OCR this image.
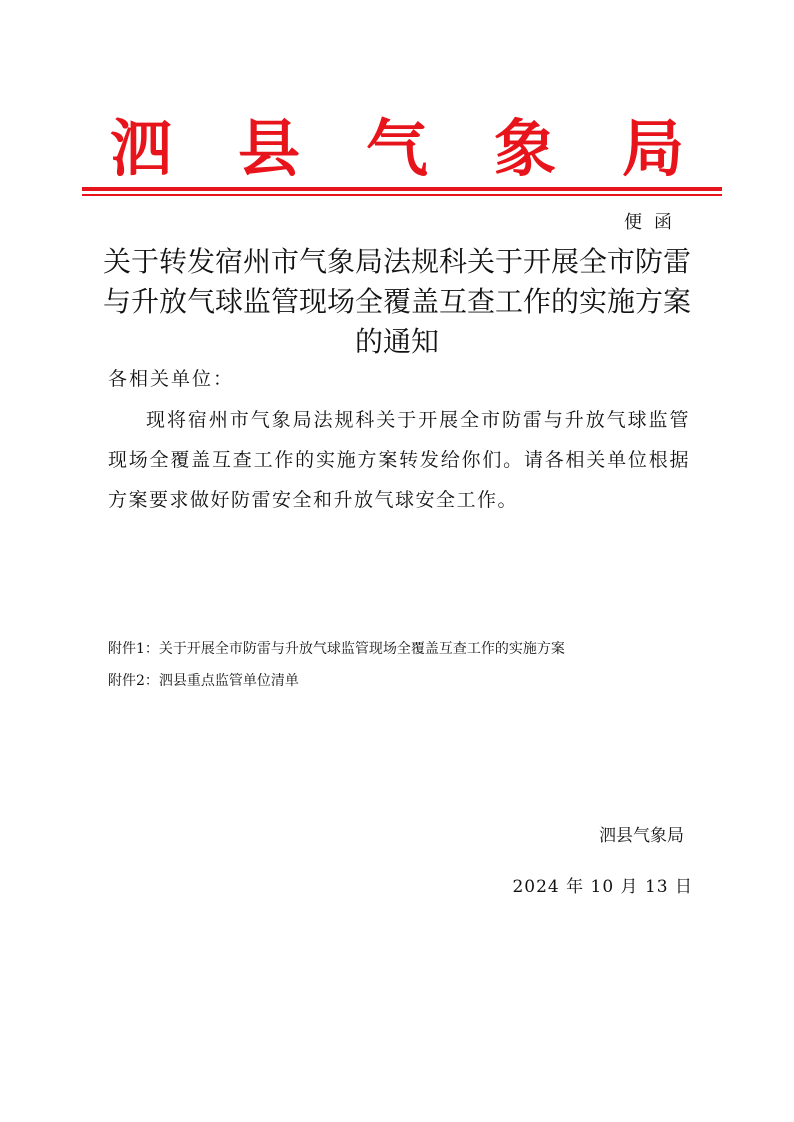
泗 县 气 象 局
便函
关于转发宿州市气象局法规科关于开展全市防雷与升放气球监管现场全覆盖互查工作的实施方案的通知
各相关单位：
现将宿州市气象局法规科关于开展全市防雷与升放气球监管现场全覆盖互查工作的实施方案转发给你们。请各相关单位根据方案要求做好防雷安全和升放气球安全工作。
附件1：关于开展全市防雷与升放气球监管现场全覆盖互查工作的实施方案
附件2：泗县重点监管单位清单
泗县气象局
2024 年 10 月 13 日
